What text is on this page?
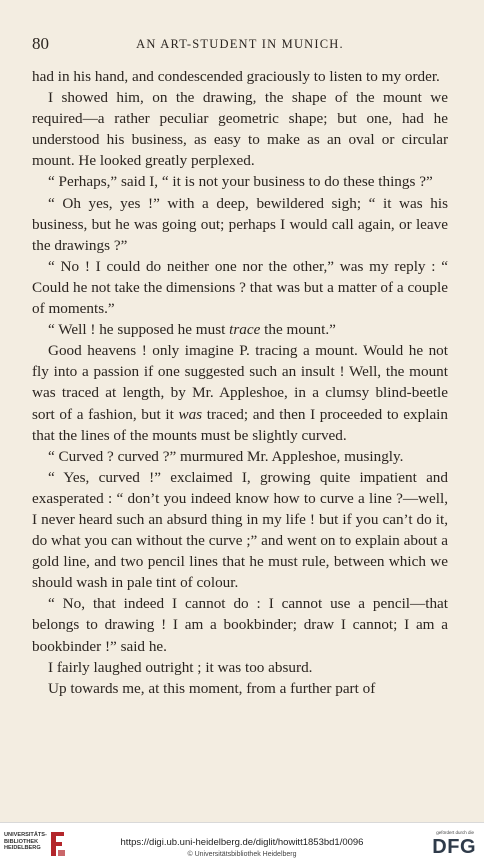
80	AN ART-STUDENT IN MUNICH.

had in his hand, and condescended graciously to listen to my order.

I showed him, on the drawing, the shape of the mount we required—a rather peculiar geometric shape; but one, had he understood his business, as easy to make as an oval or circular mount. He looked greatly perplexed.

“ Perhaps,” said I, “ it is not your business to do these things ?”

“ Oh yes, yes !” with a deep, bewildered sigh; “ it was his business, but he was going out; perhaps I would call again, or leave the drawings ?”

“ No ! I could do neither one nor the other,” was my reply : “ Could he not take the dimensions ? that was but a matter of a couple of moments.”

“ Well ! he supposed he must trace the mount.”

Good heavens ! only imagine P. tracing a mount. Would he not fly into a passion if one suggested such an insult ! Well, the mount was traced at length, by Mr. Appleshoe, in a clumsy blind-beetle sort of a fashion, but it was traced; and then I proceeded to explain that the lines of the mounts must be slightly curved.

“ Curved ? curved ?” murmured Mr. Appleshoe, musingly.

“ Yes, curved !” exclaimed I, growing quite impatient and exasperated : “ don’t you indeed know how to curve a line ?—well, I never heard such an absurd thing in my life ! but if you can’t do it, do what you can without the curve ;” and went on to explain about a gold line, and two pencil lines that he must rule, between which we should wash in pale tint of colour.

“ No, that indeed I cannot do : I cannot use a pencil—that belongs to drawing ! I am a bookbinder; draw I cannot; I am a bookbinder !” said he.

I fairly laughed outright ; it was too absurd.

Up towards me, at this moment, from a further part of

UNIVERSITÄTS-
BIBLIOTHEK
HEIDELBERG	https://digi.ub.uni-heidelberg.de/diglit/howitt1853bd1/0096
© Universitätsbibliothek Heidelberg
gefördert durch die
DFG
